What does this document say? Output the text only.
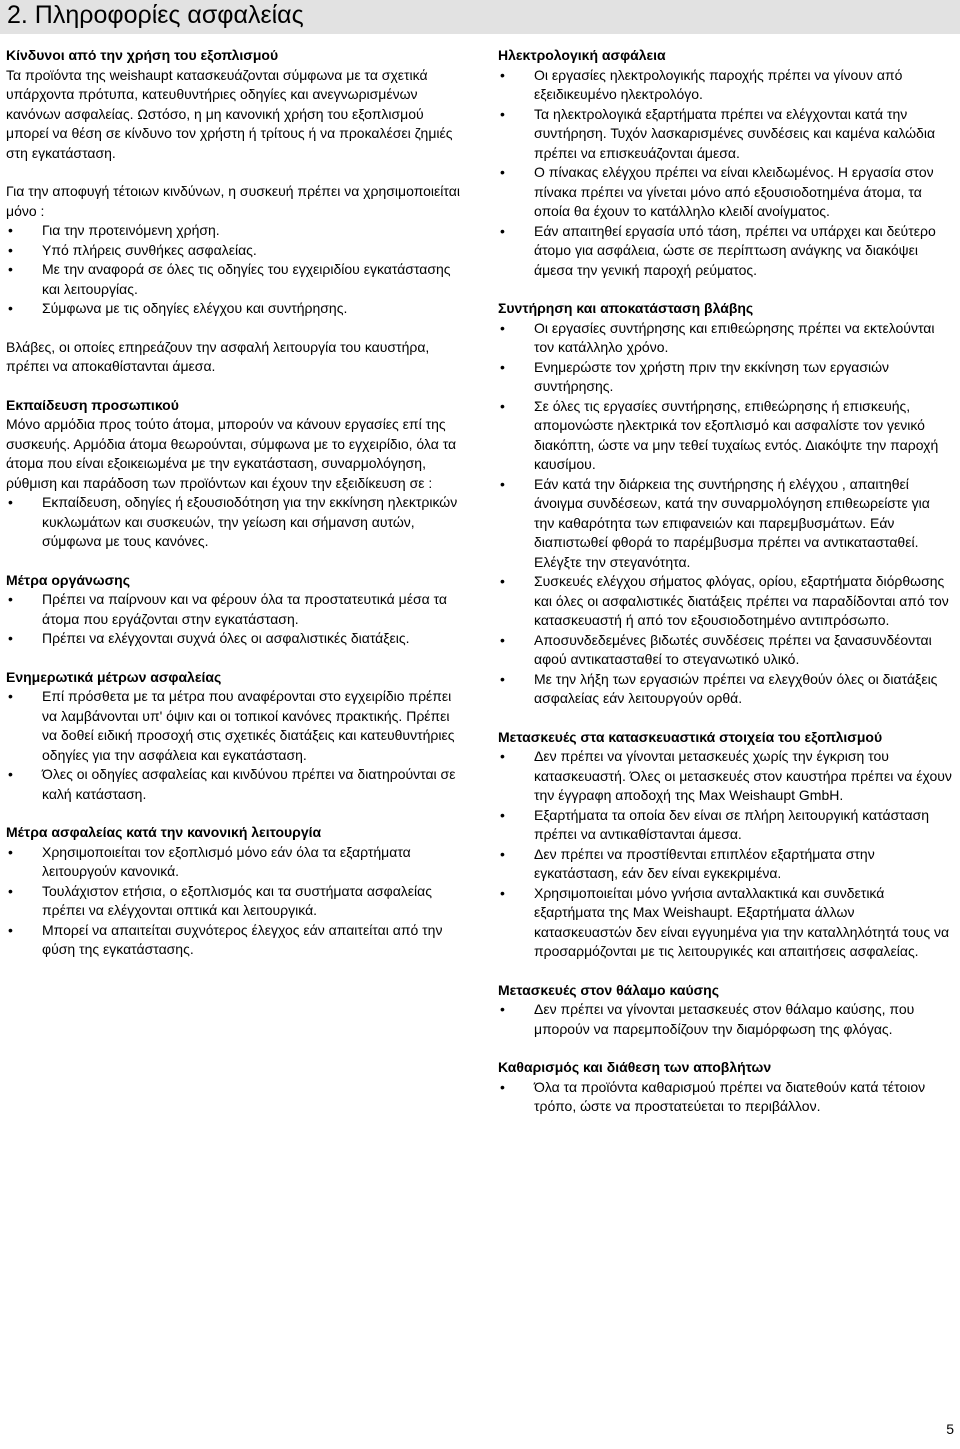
2. Πληροφορίες ασφαλείας
Κίνδυνοι από την χρήση του εξοπλισμού

Τα προϊόντα της weishaupt κατασκευάζονται σύμφωνα με τα σχετικά υπάρχοντα πρότυπα, κατευθυντήριες οδηγίες και ανεγνωρισμένων κανόνων ασφαλείας. Ωστόσο, η μη κανονική χρήση του εξοπλισμού μπορεί να θέση σε κίνδυνο τον χρήστη ή τρίτους ή να προκαλέσει ζημιές στη εγκατάσταση.

Για την αποφυγή τέτοιων κινδύνων, η συσκευή πρέπει να χρησιμοποιείται μόνο :

• Για την προτεινόμενη χρήση.
• Υπό πλήρεις συνθήκες ασφαλείας.
• Με την αναφορά σε όλες τις οδηγίες του εγχειριδίου εγκατάστασης και λειτουργίας.
• Σύμφωνα με τις οδηγίες ελέγχου και συντήρησης.

Βλάβες, οι οποίες επηρεάζουν την ασφαλή λειτουργία του καυστήρα, πρέπει να αποκαθίστανται άμεσα.

Εκπαίδευση προσωπικού

Μόνο αρμόδια προς τούτο άτομα, μπορούν να κάνουν εργασίες επί της συσκευής. Αρμόδια άτομα θεωρούνται, σύμφωνα με το εγχειρίδιο, όλα τα άτομα που είναι εξοικειωμένα με την εγκατάσταση, συναρμολόγηση, ρύθμιση και παράδοση των προϊόντων και έχουν την εξειδίκευση σε :

• Εκπαίδευση, οδηγίες ή εξουσιοδότηση για την εκκίνηση ηλεκτρικών κυκλωμάτων και συσκευών, την γείωση και σήμανση αυτών, σύμφωνα με τους κανόνες.
Μέτρα οργάνωσης
• Πρέπει να παίρνουν και να φέρουν όλα τα προστατευτικά μέσα τα άτομα που εργάζονται στην εγκατάσταση.
• Πρέπει να ελέγχονται συχνά όλες οι ασφαλιστικές διατάξεις.
Ενημερωτικά μέτρων ασφαλείας
• Επί πρόσθετα με τα μέτρα που αναφέρονται στο εγχειρίδιο πρέπει να λαμβάνονται υπ' όψιν και οι τοπικοί κανόνες πρακτικής. Πρέπει να δοθεί ειδική προσοχή στις σχετικές διατάξεις και κατευθυντήριες οδηγίες για την ασφάλεια και εγκατάσταση.
• Όλες οι οδηγίες ασφαλείας και κινδύνου πρέπει να διατηρούνται σε καλή κατάσταση.
Μέτρα ασφαλείας κατά την κανονική λειτουργία
• Χρησιμοποιείται τον εξοπλισμό μόνο εάν όλα τα εξαρτήματα λειτουργούν κανονικά.
• Τουλάχιστον ετήσια, ο εξοπλισμός και τα συστήματα ασφαλείας πρέπει να ελέγχονται οπτικά και λειτουργικά.
• Μπορεί να απαιτείται συχνότερος έλεγχος εάν απαιτείται από την φύση της εγκατάστασης.
Ηλεκτρολογική ασφάλεια
• Οι εργασίες ηλεκτρολογικής παροχής πρέπει να γίνουν από εξειδικευμένο ηλεκτρολόγο.
• Τα ηλεκτρολογικά εξαρτήματα πρέπει να ελέγχονται κατά την συντήρηση. Τυχόν λασκαρισμένες συνδέσεις και καμένα καλώδια πρέπει να επισκευάζονται άμεσα.
• Ο πίνακας ελέγχου πρέπει να είναι κλειδωμένος. Η εργασία στον πίνακα πρέπει να γίνεται μόνο από εξουσιοδοτημένα άτομα, τα οποία θα έχουν το κατάλληλο κλειδί ανοίγματος.
• Εάν απαιτηθεί εργασία υπό τάση, πρέπει να υπάρχει και δεύτερο άτομο για ασφάλεια, ώστε σε περίπτωση ανάγκης να διακόψει άμεσα την γενική παροχή ρεύματος.
Συντήρηση και αποκατάσταση βλάβης
• Οι εργασίες συντήρησης και επιθεώρησης πρέπει να εκτελούνται τον κατάλληλο χρόνο.
• Ενημερώστε τον χρήστη πριν την εκκίνηση των εργασιών συντήρησης.
• Σε όλες τις εργασίες συντήρησης, επιθεώρησης ή επισκευής, απομονώστε ηλεκτρικά τον εξοπλισμό και ασφαλίστε τον γενικό διακόπτη, ώστε να μην τεθεί τυχαίως εντός. Διακόψτε την παροχή καυσίμου.
• Εάν κατά την διάρκεια της συντήρησης ή ελέγχου , απαιτηθεί άνοιγμα συνδέσεων, κατά την συναρμολόγηση επιθεωρείστε για την καθαρότητα των επιφανειών και παρεμβυσμάτων. Εάν διαπιστωθεί φθορά το παρέμβυσμα πρέπει να αντικατασταθεί. Ελέγξτε την στεγανότητα.
• Συσκευές ελέγχου σήματος φλόγας, ορίου, εξαρτήματα διόρθωσης και όλες οι ασφαλιστικές διατάξεις πρέπει να παραδίδονται από τον κατασκευαστή ή από τον εξουσιοδοτημένο αντιπρόσωπο.
• Αποσυνδεδεμένες βιδωτές συνδέσεις πρέπει να ξανασυνδέονται αφού αντικατασταθεί το στεγανωτικό υλικό.
• Με την λήξη των εργασιών πρέπει να ελεγχθούν όλες οι διατάξεις ασφαλείας εάν λειτουργούν ορθά.
Μετασκευές στα κατασκευαστικά στοιχεία του εξοπλισμού
• Δεν πρέπει να γίνονται μετασκευές χωρίς την έγκριση του κατασκευαστή. Όλες οι μετασκευές στον καυστήρα πρέπει να έχουν την έγγραφη αποδοχή της Max Weishaupt GmbH.
• Εξαρτήματα τα οποία δεν είναι σε πλήρη λειτουργική κατάσταση πρέπει να αντικαθίστανται άμεσα.
• Δεν πρέπει να προστίθενται επιπλέον εξαρτήματα στην εγκατάσταση, εάν δεν είναι εγκεκριμένα.
• Χρησιμοποιείται μόνο γνήσια ανταλλακτικά και συνδετικά εξαρτήματα της Max Weishaupt. Εξαρτήματα άλλων κατασκευαστών δεν είναι εγγυημένα για την καταλληλότητά τους να προσαρμόζονται με τις λειτουργικές και απαιτήσεις ασφαλείας.
Μετασκευές στον θάλαμο καύσης
• Δεν πρέπει να γίνονται μετασκευές στον θάλαμο καύσης, που μπορούν να παρεμποδίζουν την διαμόρφωση της φλόγας.
Καθαρισμός και διάθεση των αποβλήτων
• Όλα τα προϊόντα καθαρισμού πρέπει να διατεθούν κατά τέτοιον τρόπο, ώστε να προστατεύεται το περιβάλλον.
5
